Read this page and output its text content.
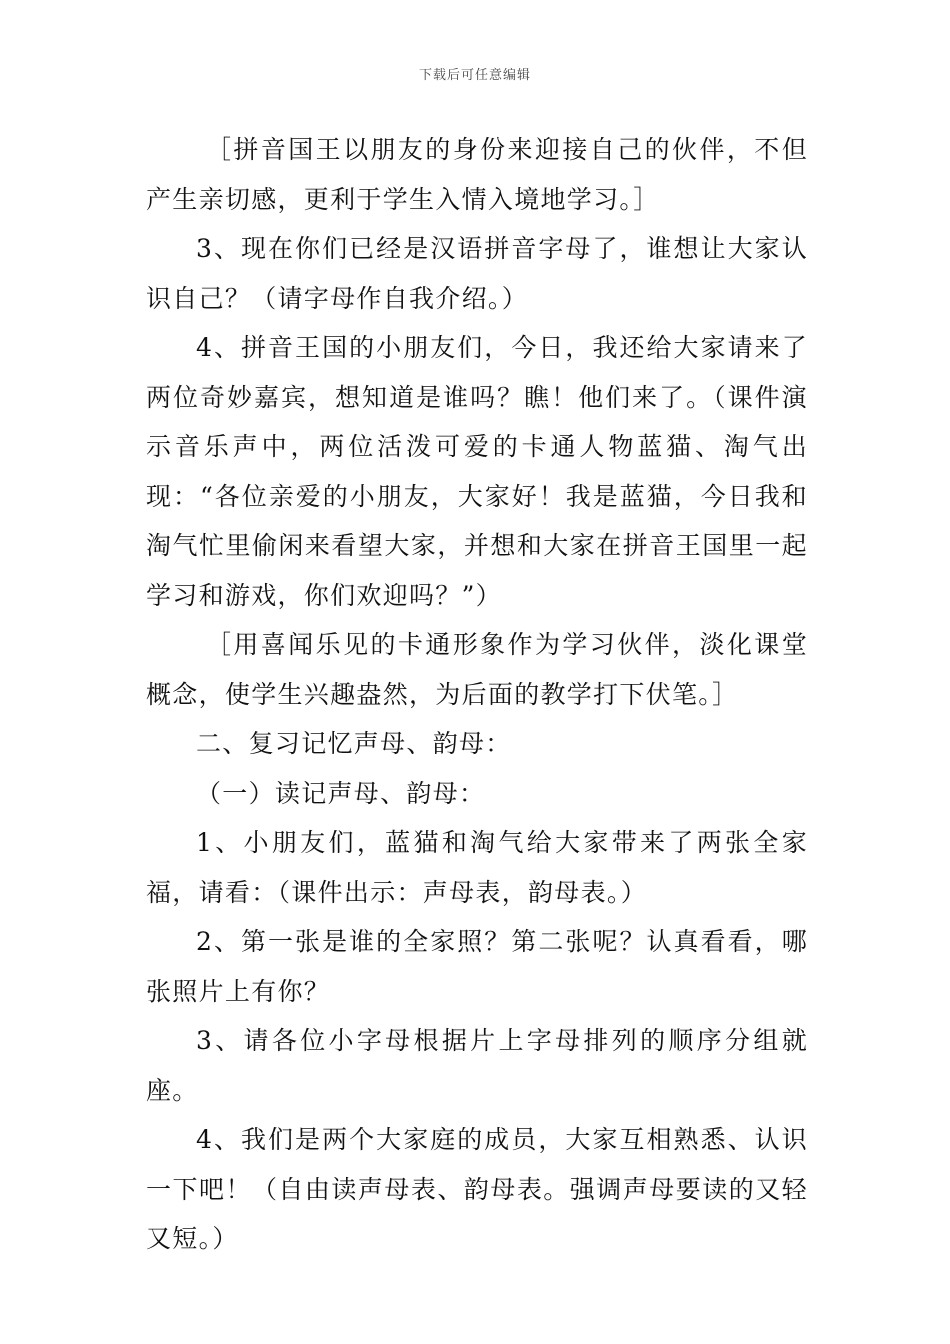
下载后可任意编辑

［拼音国王以朋友的身份来迎接自己的伙伴，不但产生亲切感，更利于学生入情入境地学习。］

3、现在你们已经是汉语拼音字母了，谁想让大家认识自己？（请字母作自我介绍。）

4、拼音王国的小朋友们，今日，我还给大家请来了两位奇妙嘉宾，想知道是谁吗？瞧！他们来了。（课件演示音乐声中，两位活泼可爱的卡通人物蓝猫、淘气出现：“各位亲爱的小朋友，大家好！我是蓝猫，今日我和淘气忙里偷闲来看望大家，并想和大家在拼音王国里一起学习和游戏，你们欢迎吗？”）

［用喜闻乐见的卡通形象作为学习伙伴，淡化课堂概念，使学生兴趣盎然，为后面的教学打下伏笔。］

二、复习记忆声母、韵母：

（一）读记声母、韵母：

1、小朋友们，蓝猫和淘气给大家带来了两张全家福，请看：（课件出示：声母表，韵母表。）

2、第一张是谁的全家照？第二张呢？认真看看，哪张照片上有你？

3、请各位小字母根据片上字母排列的顺序分组就座。

4、我们是两个大家庭的成员，大家互相熟悉、认识一下吧！（自由读声母表、韵母表。强调声母要读的又轻又短。）
